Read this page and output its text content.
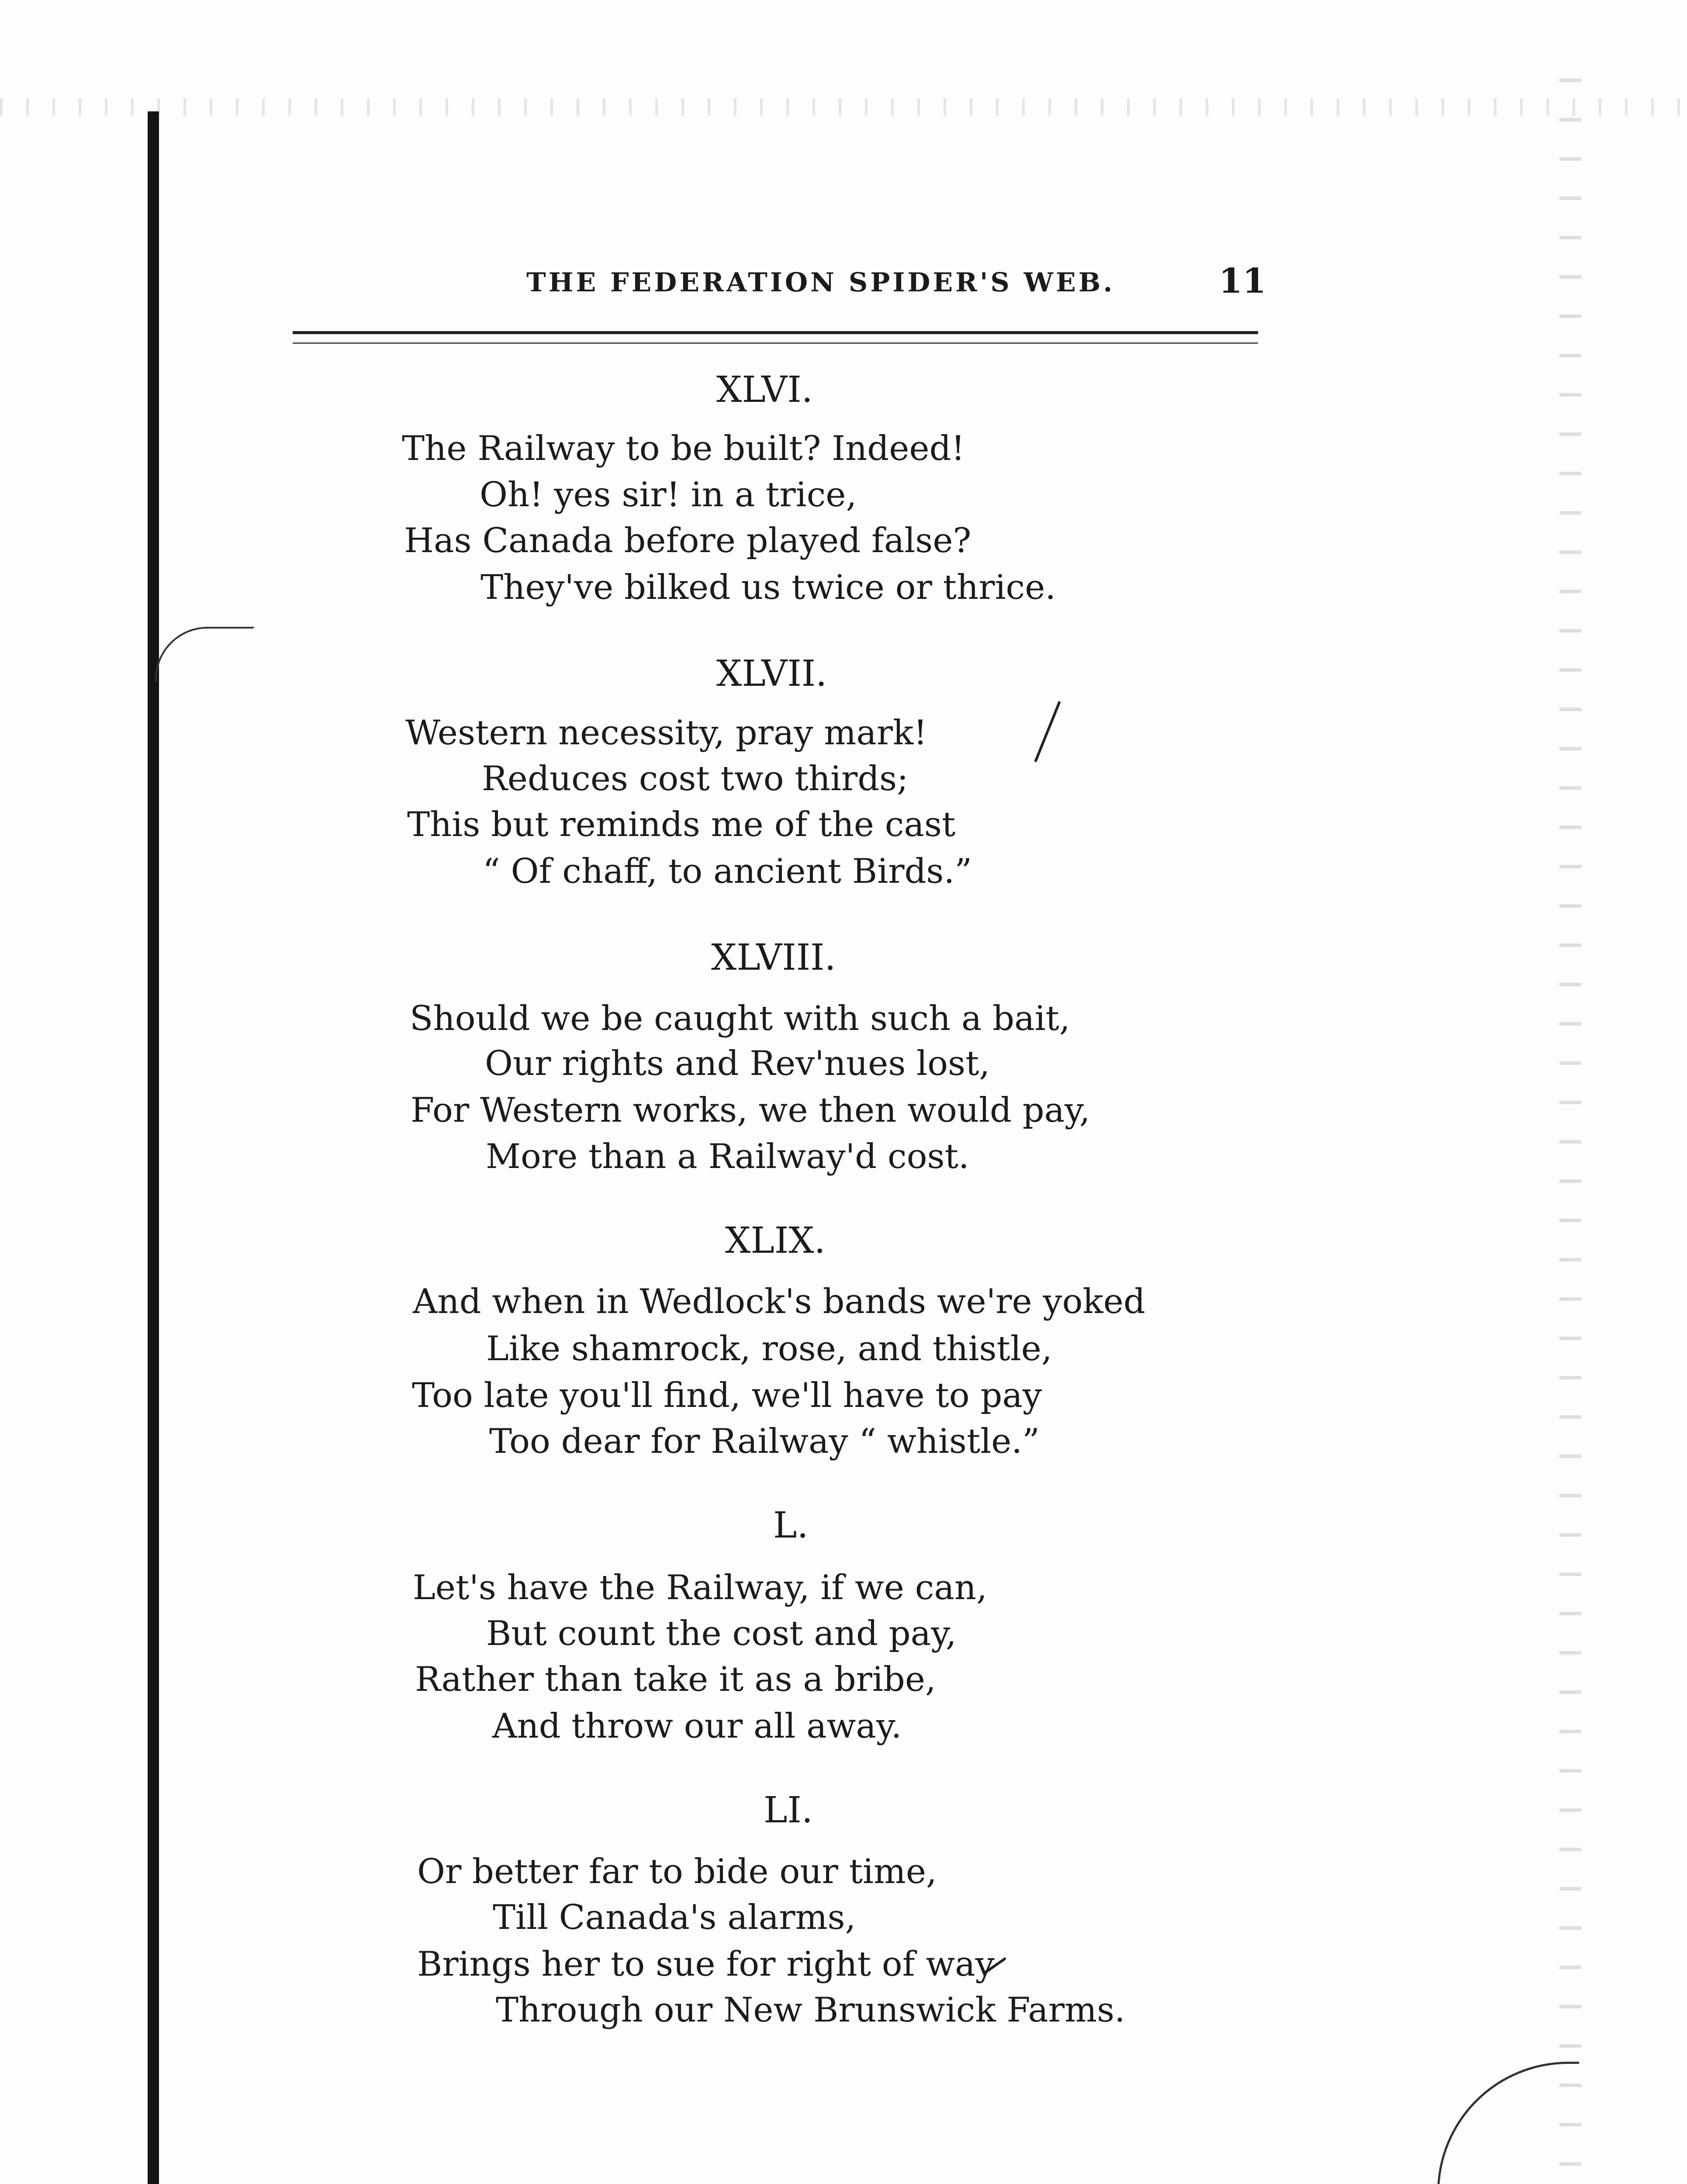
THE FEDERATION SPIDER'S WEB.	11
XLVI.
The Railway to be built? Indeed!
Oh! yes sir! in a trice,
Has Canada before played false?
They've bilked us twice or thrice.
XLVII.
Western necessity, pray mark!
Reduces cost two thirds;
This but reminds me of the cast
“ Of chaff, to ancient Birds.”
XLVIII.
Should we be caught with such a bait,
Our rights and Rev'nues lost,
For Western works, we then would pay,
More than a Railway'd cost.
XLIX.
And when in Wedlock's bands we're yoked
Like shamrock, rose, and thistle,
Too late you'll find, we'll have to pay
Too dear for Railway “ whistle.”
L.
Let's have the Railway, if we can,
But count the cost and pay,
Rather than take it as a bribe,
And throw our all away.
LI.
Or better far to bide our time,
Till Canada's alarms,
Brings her to sue for right of way
Through our New Brunswick Farms.
